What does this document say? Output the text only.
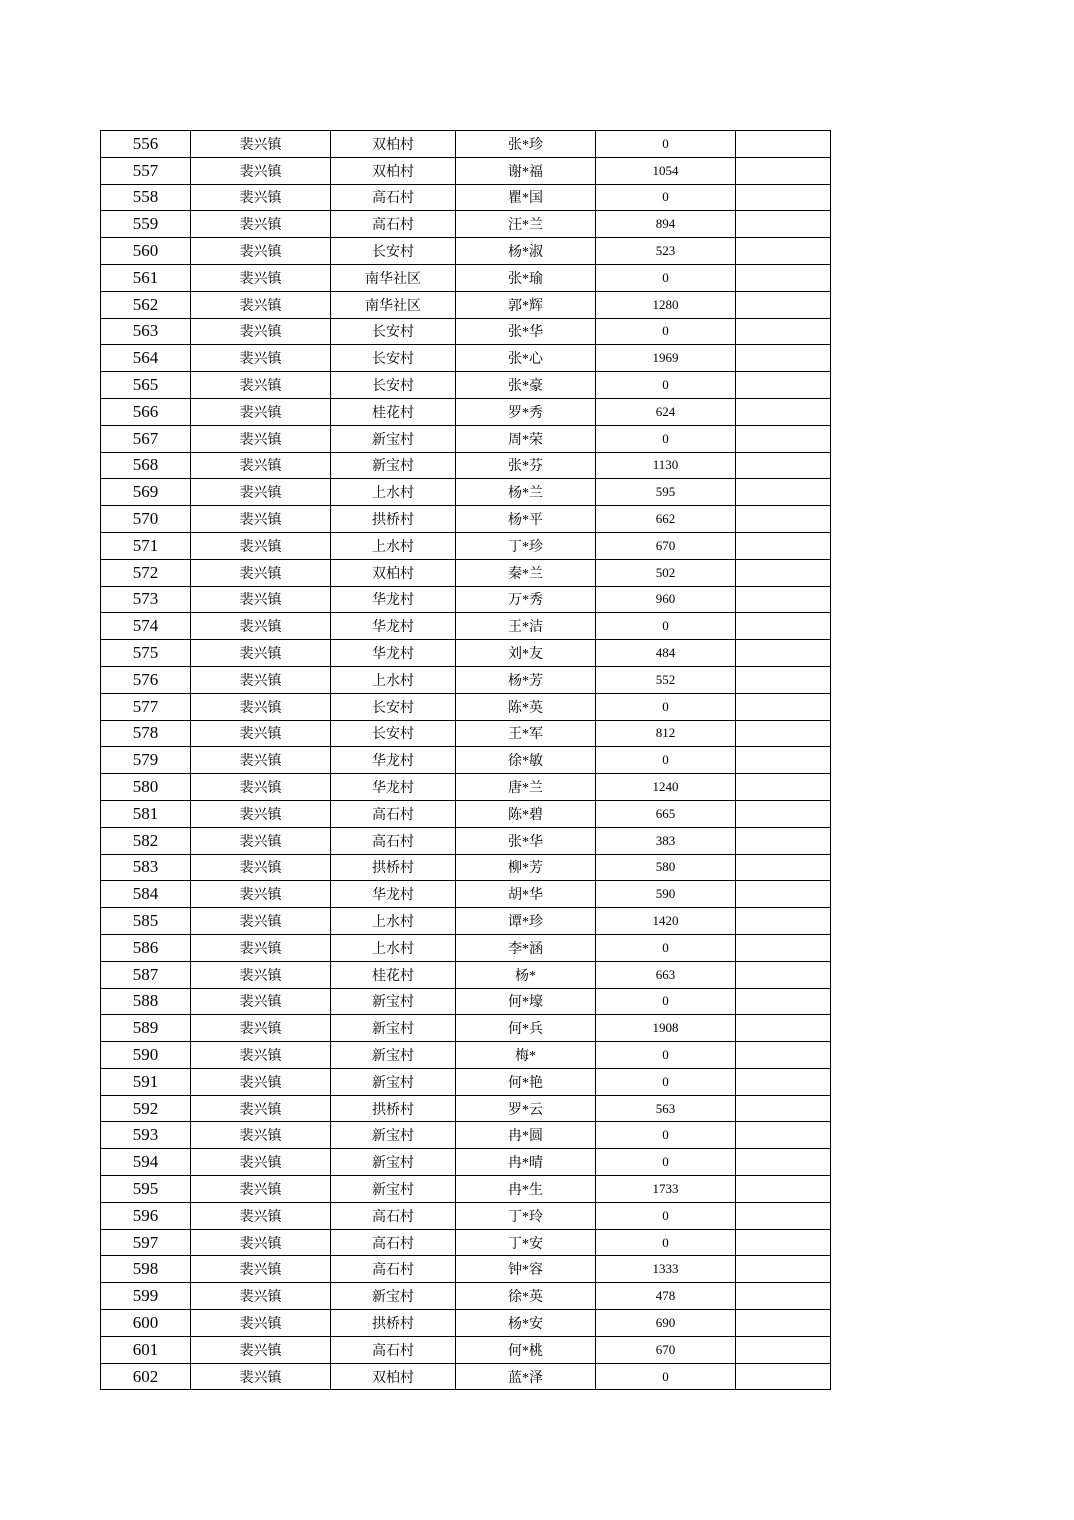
556	裴兴镇	双柏村	张*珍	0	
557	裴兴镇	双柏村	谢*福	1054	
558	裴兴镇	高石村	瞿*国	0	
559	裴兴镇	高石村	汪*兰	894	
560	裴兴镇	长安村	杨*淑	523	
561	裴兴镇	南华社区	张*瑜	0	
562	裴兴镇	南华社区	郭*辉	1280	
563	裴兴镇	长安村	张*华	0	
564	裴兴镇	长安村	张*心	1969	
565	裴兴镇	长安村	张*豪	0	
566	裴兴镇	桂花村	罗*秀	624	
567	裴兴镇	新宝村	周*荣	0	
568	裴兴镇	新宝村	张*芬	1130	
569	裴兴镇	上水村	杨*兰	595	
570	裴兴镇	拱桥村	杨*平	662	
571	裴兴镇	上水村	丁*珍	670	
572	裴兴镇	双柏村	秦*兰	502	
573	裴兴镇	华龙村	万*秀	960	
574	裴兴镇	华龙村	王*洁	0	
575	裴兴镇	华龙村	刘*友	484	
576	裴兴镇	上水村	杨*芳	552	
577	裴兴镇	长安村	陈*英	0	
578	裴兴镇	长安村	王*军	812	
579	裴兴镇	华龙村	徐*敏	0	
580	裴兴镇	华龙村	唐*兰	1240	
581	裴兴镇	高石村	陈*碧	665	
582	裴兴镇	高石村	张*华	383	
583	裴兴镇	拱桥村	柳*芳	580	
584	裴兴镇	华龙村	胡*华	590	
585	裴兴镇	上水村	谭*珍	1420	
586	裴兴镇	上水村	李*涵	0	
587	裴兴镇	桂花村	杨*	663	
588	裴兴镇	新宝村	何*壕	0	
589	裴兴镇	新宝村	何*兵	1908	
590	裴兴镇	新宝村	梅*	0	
591	裴兴镇	新宝村	何*艳	0	
592	裴兴镇	拱桥村	罗*云	563	
593	裴兴镇	新宝村	冉*圆	0	
594	裴兴镇	新宝村	冉*晴	0	
595	裴兴镇	新宝村	冉*生	1733	
596	裴兴镇	高石村	丁*玲	0	
597	裴兴镇	高石村	丁*安	0	
598	裴兴镇	高石村	钟*容	1333	
599	裴兴镇	新宝村	徐*英	478	
600	裴兴镇	拱桥村	杨*安	690	
601	裴兴镇	高石村	何*桃	670	
602	裴兴镇	双柏村	蓝*泽	0	
